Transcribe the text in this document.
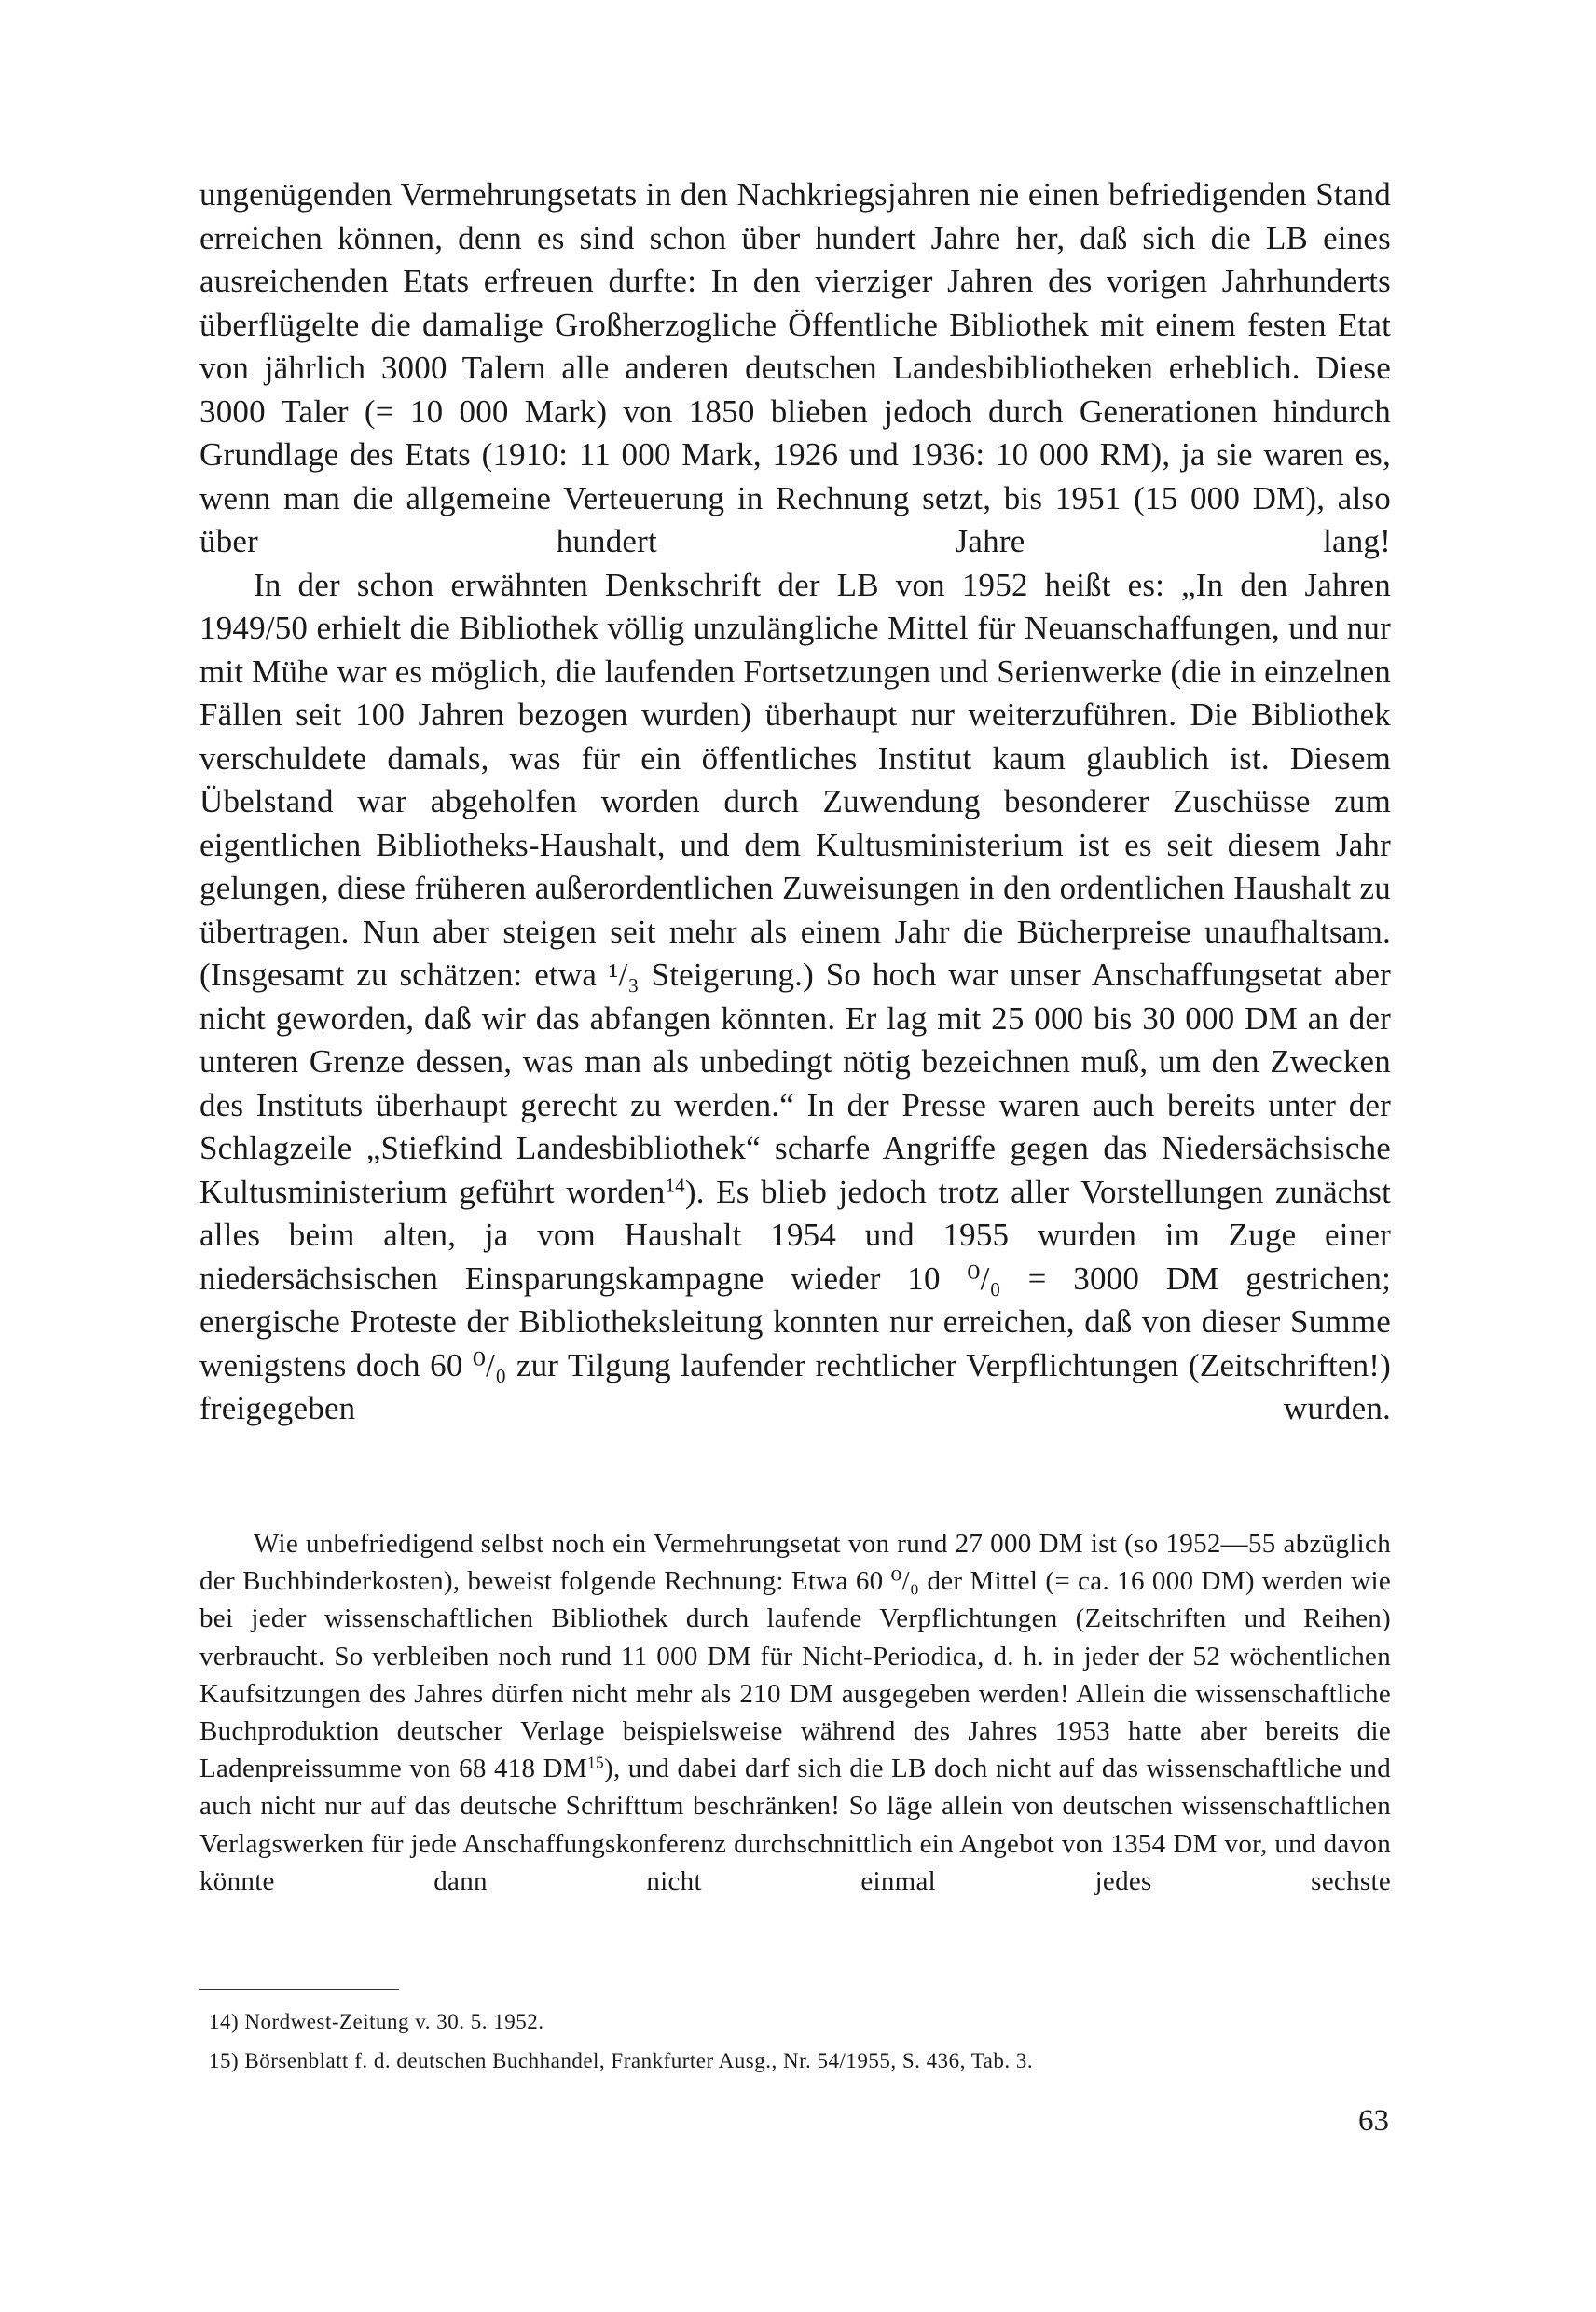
ungenügenden Vermehrungsetats in den Nachkriegsjahren nie einen befriedigenden Stand erreichen können, denn es sind schon über hundert Jahre her, daß sich die LB eines ausreichenden Etats erfreuen durfte: In den vierziger Jahren des vorigen Jahrhunderts überflügelte die damalige Großherzogliche Öffentliche Bibliothek mit einem festen Etat von jährlich 3000 Talern alle anderen deutschen Landesbibliotheken erheblich. Diese 3000 Taler (= 10 000 Mark) von 1850 blieben jedoch durch Generationen hindurch Grundlage des Etats (1910: 11 000 Mark, 1926 und 1936: 10 000 RM), ja sie waren es, wenn man die allgemeine Verteuerung in Rechnung setzt, bis 1951 (15 000 DM), also über hundert Jahre lang!

In der schon erwähnten Denkschrift der LB von 1952 heißt es: „In den Jahren 1949/50 erhielt die Bibliothek völlig unzulängliche Mittel für Neuanschaffungen, und nur mit Mühe war es möglich, die laufenden Fortsetzungen und Serienwerke (die in einzelnen Fällen seit 100 Jahren bezogen wurden) überhaupt nur weiterzuführen. Die Bibliothek verschuldete damals, was für ein öffentliches Institut kaum glaublich ist. Diesem Übelstand war abgeholfen worden durch Zuwendung besonderer Zuschüsse zum eigentlichen Bibliotheks-Haushalt, und dem Kultusministerium ist es seit diesem Jahr gelungen, diese früheren außerordentlichen Zuweisungen in den ordentlichen Haushalt zu übertragen. Nun aber steigen seit mehr als einem Jahr die Bücherpreise unaufhaltsam. (Insgesamt zu schätzen: etwa ¹/₃ Steigerung.) So hoch war unser Anschaffungsetat aber nicht geworden, daß wir das abfangen könnten. Er lag mit 25 000 bis 30 000 DM an der unteren Grenze dessen, was man als unbedingt nötig bezeichnen muß, um den Zwecken des Instituts überhaupt gerecht zu werden.“ In der Presse waren auch bereits unter der Schlagzeile „Stiefkind Landesbibliothek“ scharfe Angriffe gegen das Niedersächsische Kultusministerium geführt worden$^{14}$). Es blieb jedoch trotz aller Vorstellungen zunächst alles beim alten, ja vom Haushalt 1954 und 1955 wurden im Zuge einer niedersächsischen Einsparungskampagne wieder 10 ⁰/₀ = 3000 DM gestrichen; energische Proteste der Bibliotheksleitung konnten nur erreichen, daß von dieser Summe wenigstens doch 60 ⁰/₀ zur Tilgung laufender rechtlicher Verpflichtungen (Zeitschriften!) freigegeben wurden.

Wie unbefriedigend selbst noch ein Vermehrungsetat von rund 27 000 DM ist (so 1952—55 abzüglich der Buchbinderkosten), beweist folgende Rechnung: Etwa 60 ⁰/₀ der Mittel (= ca. 16 000 DM) werden wie bei jeder wissenschaftlichen Bibliothek durch laufende Verpflichtungen (Zeitschriften und Reihen) verbraucht. So verbleiben noch rund 11 000 DM für Nicht-Periodica, d. h. in jeder der 52 wöchentlichen Kaufsitzungen des Jahres dürfen nicht mehr als 210 DM ausgegeben werden! Allein die wissenschaftliche Buchproduktion deutscher Verlage beispielsweise während des Jahres 1953 hatte aber bereits die Ladenpreissumme von 68 418 DM$^{15}$), und dabei darf sich die LB doch nicht auf das wissenschaftliche und auch nicht nur auf das deutsche Schrifttum beschränken! So läge allein von deutschen wissenschaftlichen Verlagswerken für jede Anschaffungskonferenz durchschnittlich ein Angebot von 1354 DM vor, und davon könnte dann nicht einmal jedes sechste

14) Nordwest-Zeitung v. 30. 5. 1952.
15) Börsenblatt f. d. deutschen Buchhandel, Frankfurter Ausg., Nr. 54/1955, S. 436, Tab. 3.
63
